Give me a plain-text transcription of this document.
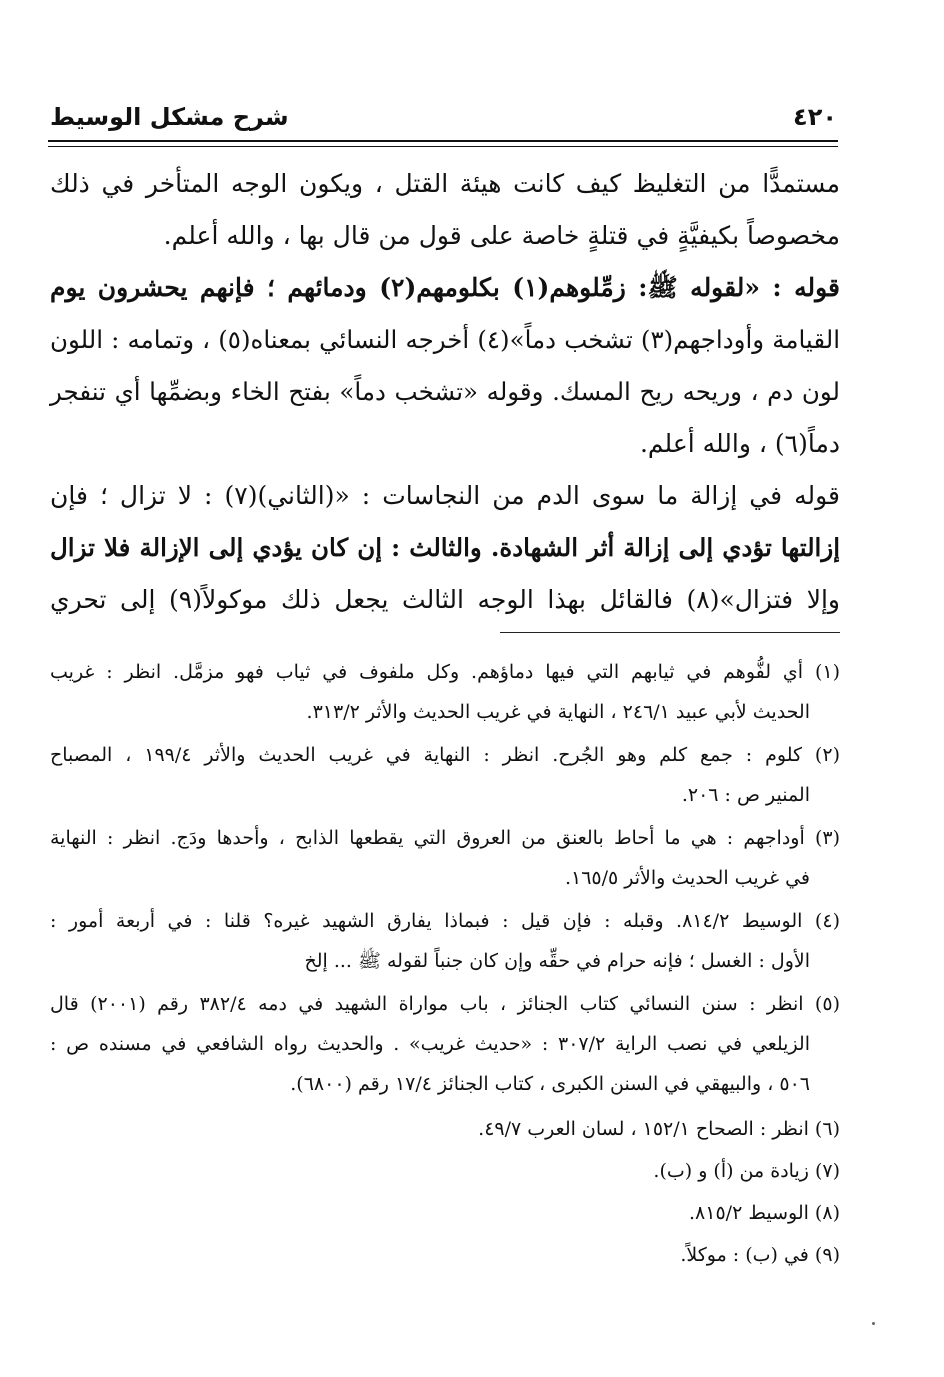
٤٢٠
شرح مشكل الوسيط
مستمدًّا من التغليظ كيف كانت هيئة القتل ، ويكون الوجه المتأخر في ذلك
مخصوصاً بكيفيَّةٍ في قتلةٍ خاصة على قول من قال بها ، والله أعلم.
قوله : «لقوله ﷺ: زمِّلوهم(١) بكلومهم(٢) ودمائهم ؛ فإنهم يحشرون يوم
القيامة وأوداجهم(٣) تشخب دماً»(٤) أخرجه النسائي بمعناه(٥) ، وتمامه : اللون
لون دم ، وريحه ريح المسك. وقوله «تشخب دماً» بفتح الخاء وبضمِّها أي تنفجر
دماً(٦) ، والله أعلم.
قوله في إزالة ما سوى الدم من النجاسات : «(الثاني)(٧) : لا تزال ؛ فإن
إزالتها تؤدي إلى إزالة أثر الشهادة. والثالث : إن كان يؤدي إلى الإزالة فلا تزال
وإلا فتزال»(٨) فالقائل بهذا الوجه الثالث يجعل ذلك موكولاً(٩) إلى تحري
(١) أي لفُّوهم في ثيابهم التي فيها دماؤهم. وكل ملفوف في ثياب فهو مزمَّل. انظر : غريب
الحديث لأبي عبيد ٢٤٦/١ ، النهاية في غريب الحديث والأثر ٣١٣/٢.
(٢) كلوم : جمع كلم وهو الجُرح. انظر : النهاية في غريب الحديث والأثر ١٩٩/٤ ، المصباح
المنير ص : ٢٠٦.
(٣) أوداجهم : هي ما أحاط بالعنق من العروق التي يقطعها الذابح ، وأحدها ودَج. انظر : النهاية
في غريب الحديث والأثر ١٦٥/٥.
(٤) الوسيط ٨١٤/٢. وقبله : فإن قيل : فبماذا يفارق الشهيد غيره؟ قلنا : في أربعة أمور :
الأول : الغسل ؛ فإنه حرام في حقِّه وإن كان جنباً لقوله ﷺ ... إلخ
(٥) انظر : سنن النسائي كتاب الجنائز ، باب مواراة الشهيد في دمه ٣٨٢/٤ رقم (٢٠٠١) قال
الزيلعي في نصب الراية ٣٠٧/٢ : «حديث غريب» . والحديث رواه الشافعي في مسنده ص :
٥٠٦ ، والبيهقي في السنن الكبرى ، كتاب الجنائز ١٧/٤ رقم (٦٨٠٠).
(٦) انظر : الصحاح ١٥٢/١ ، لسان العرب ٤٩/٧.
(٧) زيادة من (أ) و (ب).
(٨) الوسيط ٨١٥/٢.
(٩) في (ب) : موكلاً.
